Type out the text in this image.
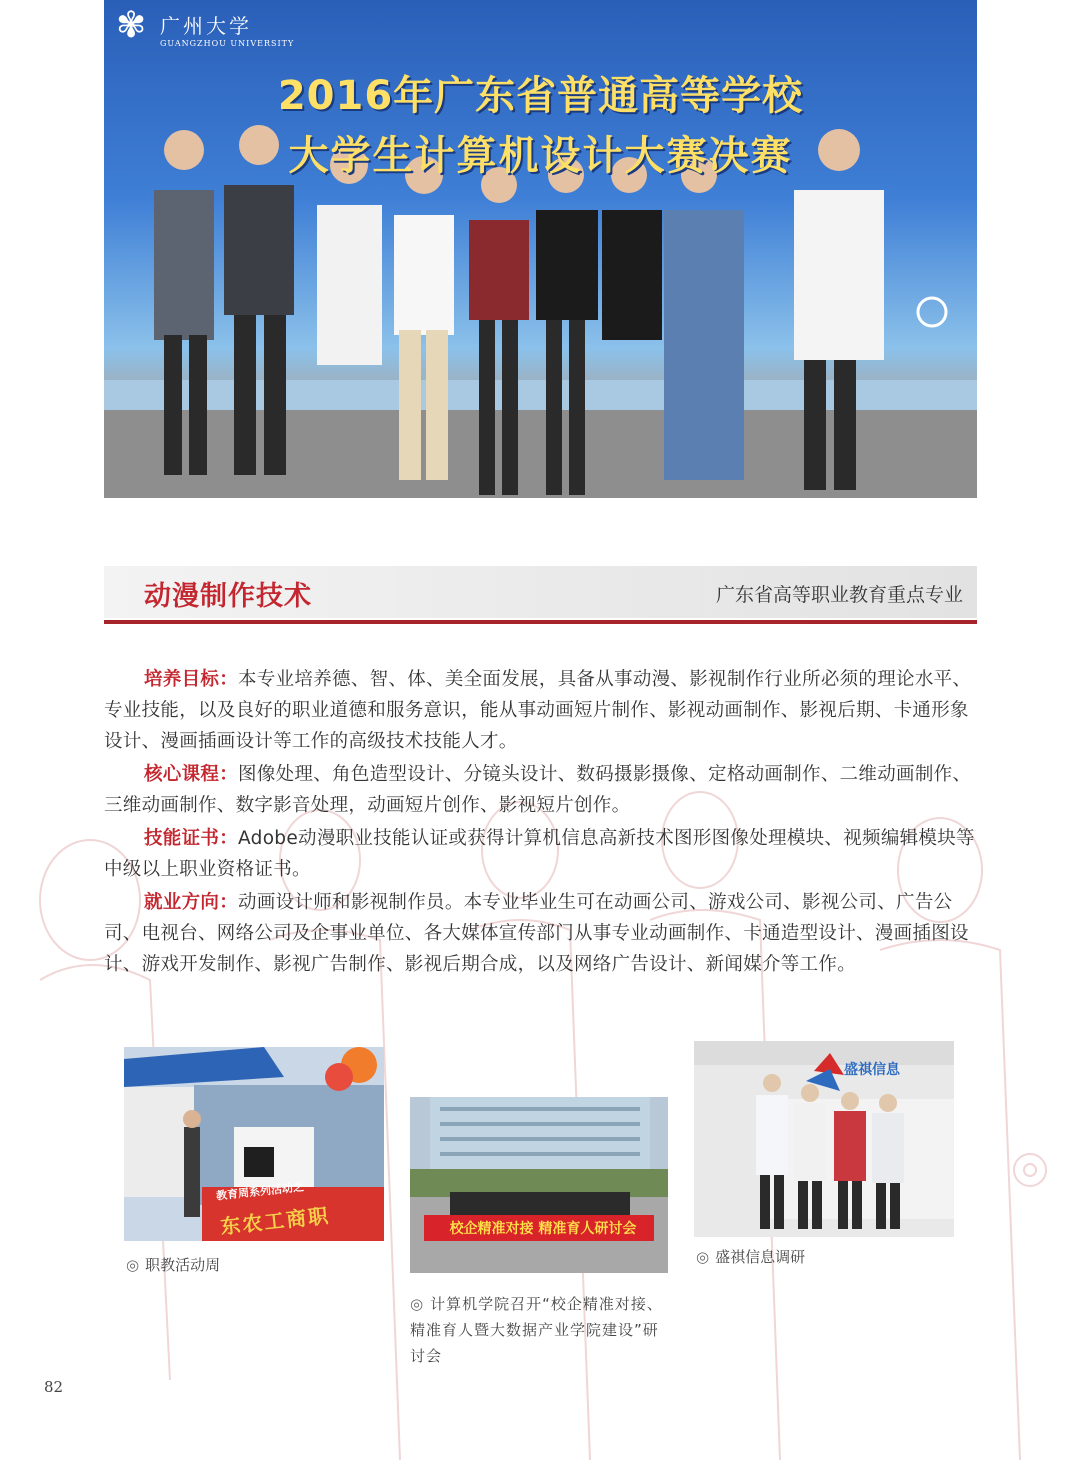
✾ 广州大学
GUANGZHOU UNIVERSITY
2016年广东省普通高等学校
大学生计算机设计大赛决赛
动漫制作技术	广东省高等职业教育重点专业

培养目标：本专业培养德、智、体、美全面发展，具备从事动漫、影视制作行业所必须的理论水平、专业技能，以及良好的职业道德和服务意识，能从事动画短片制作、影视动画制作、影视后期、卡通形象设计、漫画插画设计等工作的高级技术技能人才。

核心课程：图像处理、角色造型设计、分镜头设计、数码摄影摄像、定格动画制作、二维动画制作、三维动画制作、数字影音处理，动画短片创作、影视短片创作。

技能证书：Adobe动漫职业技能认证或获得计算机信息高新技术图形图像处理模块、视频编辑模块等中级以上职业资格证书。

就业方向：动画设计师和影视制作员。本专业毕业生可在动画公司、游戏公司、影视公司、广告公司、电视台、网络公司及企事业单位、各大媒体宣传部门从事专业动画制作、卡通造型设计、漫画插图设计、游戏开发制作、影视广告制作、影视后期合成，以及网络广告设计、新闻媒介等工作。

教育周系列活动之
东农工商职
◎ 职教活动周
校企精准对接 精准育人研讨会
◎ 计算机学院召开“校企精准对接、精准育人暨大数据产业学院建设”研讨会
盛祺信息
◎ 盛祺信息调研
82
